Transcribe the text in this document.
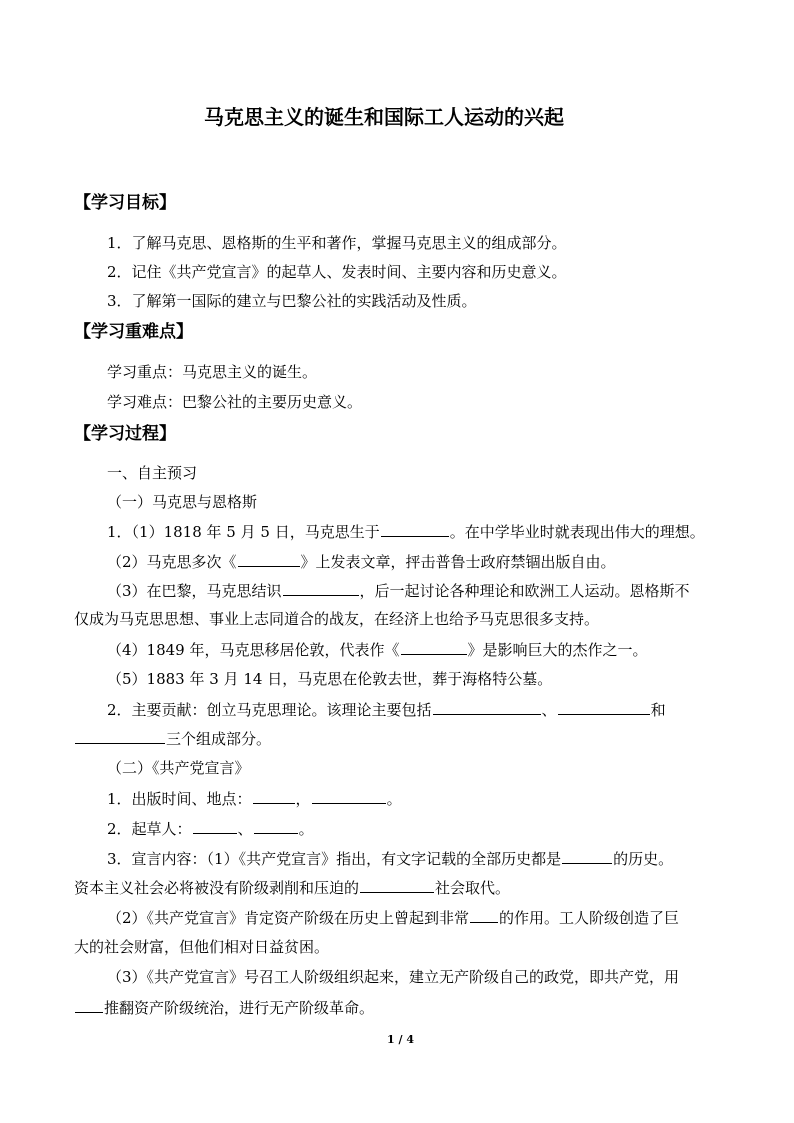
马克思主义的诞生和国际工人运动的兴起
【学习目标】
1．了解马克思、恩格斯的生平和著作，掌握马克思主义的组成部分。
2．记住《共产党宣言》的起草人、发表时间、主要内容和历史意义。
3．了解第一国际的建立与巴黎公社的实践活动及性质。
【学习重难点】
学习重点：马克思主义的诞生。
学习难点：巴黎公社的主要历史意义。
【学习过程】
一、自主预习
（一）马克思与恩格斯
1．（1）1818 年 5 月 5 日，马克思生于	。在中学毕业时就表现出伟大的理想。
（2）马克思多次《	》上发表文章，抨击普鲁士政府禁锢出版自由。
（3）在巴黎，马克思结识	，后一起讨论各种理论和欧洲工人运动。恩格斯不
仅成为马克思思想、事业上志同道合的战友，在经济上也给予马克思很多支持。
（4）1849 年，马克思移居伦敦，代表作《	》是影响巨大的杰作之一。
（5）1883 年 3 月 14 日，马克思在伦敦去世，葬于海格特公墓。
2．主要贡献：创立马克思理论。该理论主要包括	、	和
三个组成部分。
（二）《共产党宣言》
1．出版时间、地点：	，	。
2．起草人：	、	。
3．宣言内容：（1）《共产党宣言》指出，有文字记载的全部历史都是	的历史。
资本主义社会必将被没有阶级剥削和压迫的	社会取代。
（2）《共产党宣言》肯定资产阶级在历史上曾起到非常 的作用。工人阶级创造了巨
大的社会财富，但他们相对日益贫困。
（3）《共产党宣言》号召工人阶级组织起来，建立无产阶级自己的政党，即共产党，用
推翻资产阶级统治，进行无产阶级革命。
1 / 4
